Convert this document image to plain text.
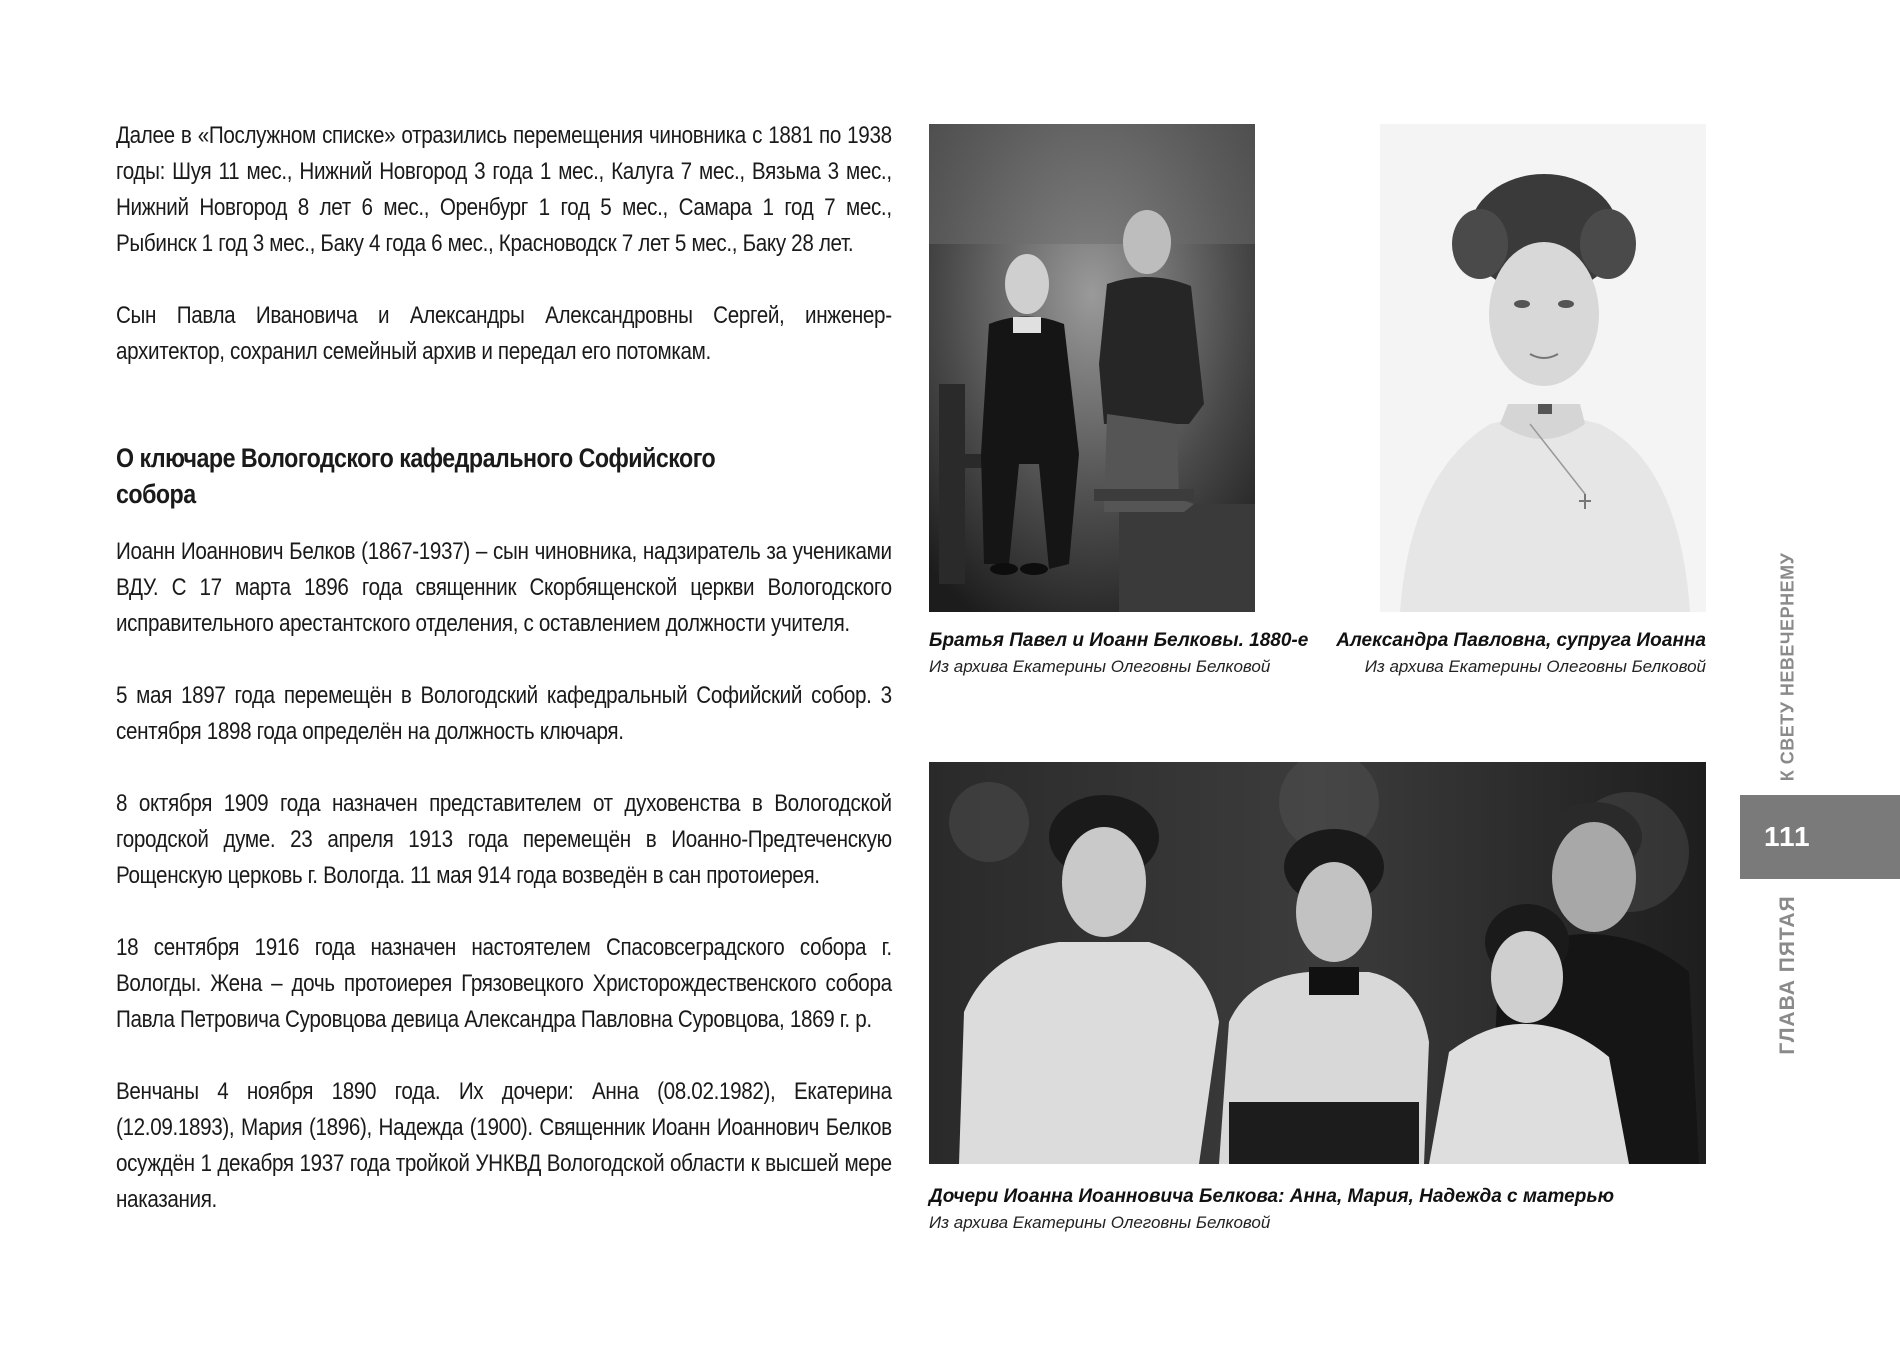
Далее в «Послужном списке» отразились перемещения чиновника с 1881 по 1938 годы: Шуя 11 мес., Нижний Новгород 3 года 1 мес., Калуга 7 мес., Вязьма 3 мес., Нижний Новгород 8 лет 6 мес., Оренбург 1 год 5 мес., Самара 1 год 7 мес., Рыбинск 1 год 3 мес., Баку 4 года 6 мес., Красноводск 7 лет 5 мес., Баку 28 лет.

Сын Павла Ивановича и Александры Александровны Сергей, инженер-архитектор, сохранил семейный архив и передал его потомкам.

О ключаре Вологодского кафедрального Софийского собора

Иоанн Иоаннович Белков (1867-1937) – сын чиновника, надзиратель за учениками ВДУ. С 17 марта 1896 года священник Скорбященской церкви Вологодского исправительного арестантского отделения, с оставлением должности учителя.

5 мая 1897 года перемещён в Вологодский кафедральный Софийский собор. 3 сентября 1898 года определён на должность ключаря.

8 октября 1909 года назначен представителем от духовенства в Вологодской городской думе. 23 апреля 1913 года перемещён в Иоанно-Предтеченскую Рощенскую церковь г. Вологда. 11 мая 914 года возведён в сан протоиерея.

18 сентября 1916 года назначен настоятелем Спасовсеградского собора г. Вологды. Жена – дочь протоиерея Грязовецкого Христорождественского собора Павла Петровича Суровцова девица Александра Павловна Суровцова, 1869 г. р.

Венчаны 4 ноября 1890 года. Их дочери: Анна (08.02.1982), Екатерина (12.09.1893), Мария (1896), Надежда (1900). Священник Иоанн Иоаннович Белков осуждён 1 декабря 1937 года тройкой УНКВД Вологодской области к высшей мере наказания.

Братья Павел и Иоанн Белковы. 1880-е
Из архива Екатерины Олеговны Белковой
Александра Павловна, супруга Иоанна
Из архива Екатерины Олеговны Белковой
Дочери Иоанна Иоанновича Белкова: Анна, Мария, Надежда с матерью
Из архива Екатерины Олеговны Белковой
К СВЕТУ НЕВЕЧЕРНЕМУ
111
ГЛАВА ПЯТАЯ
